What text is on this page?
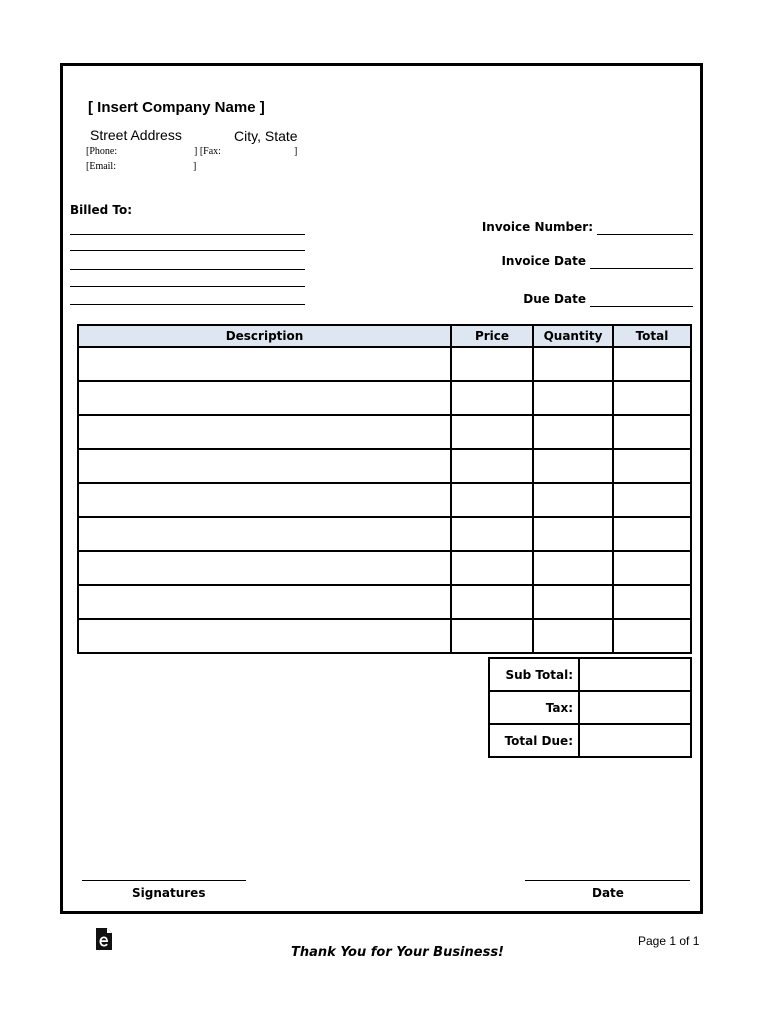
[ Insert Company Name ]
Street Address	City, State
[Phone:	] [Fax:	]
[Email:	]
Billed To:
Invoice Number:
Invoice Date
Due Date
Description	Price	Quantity	Total

Sub Total:	
Tax:	
Total Due:	
Signatures	Date
Thank You for Your Business!
Page 1 of 1
